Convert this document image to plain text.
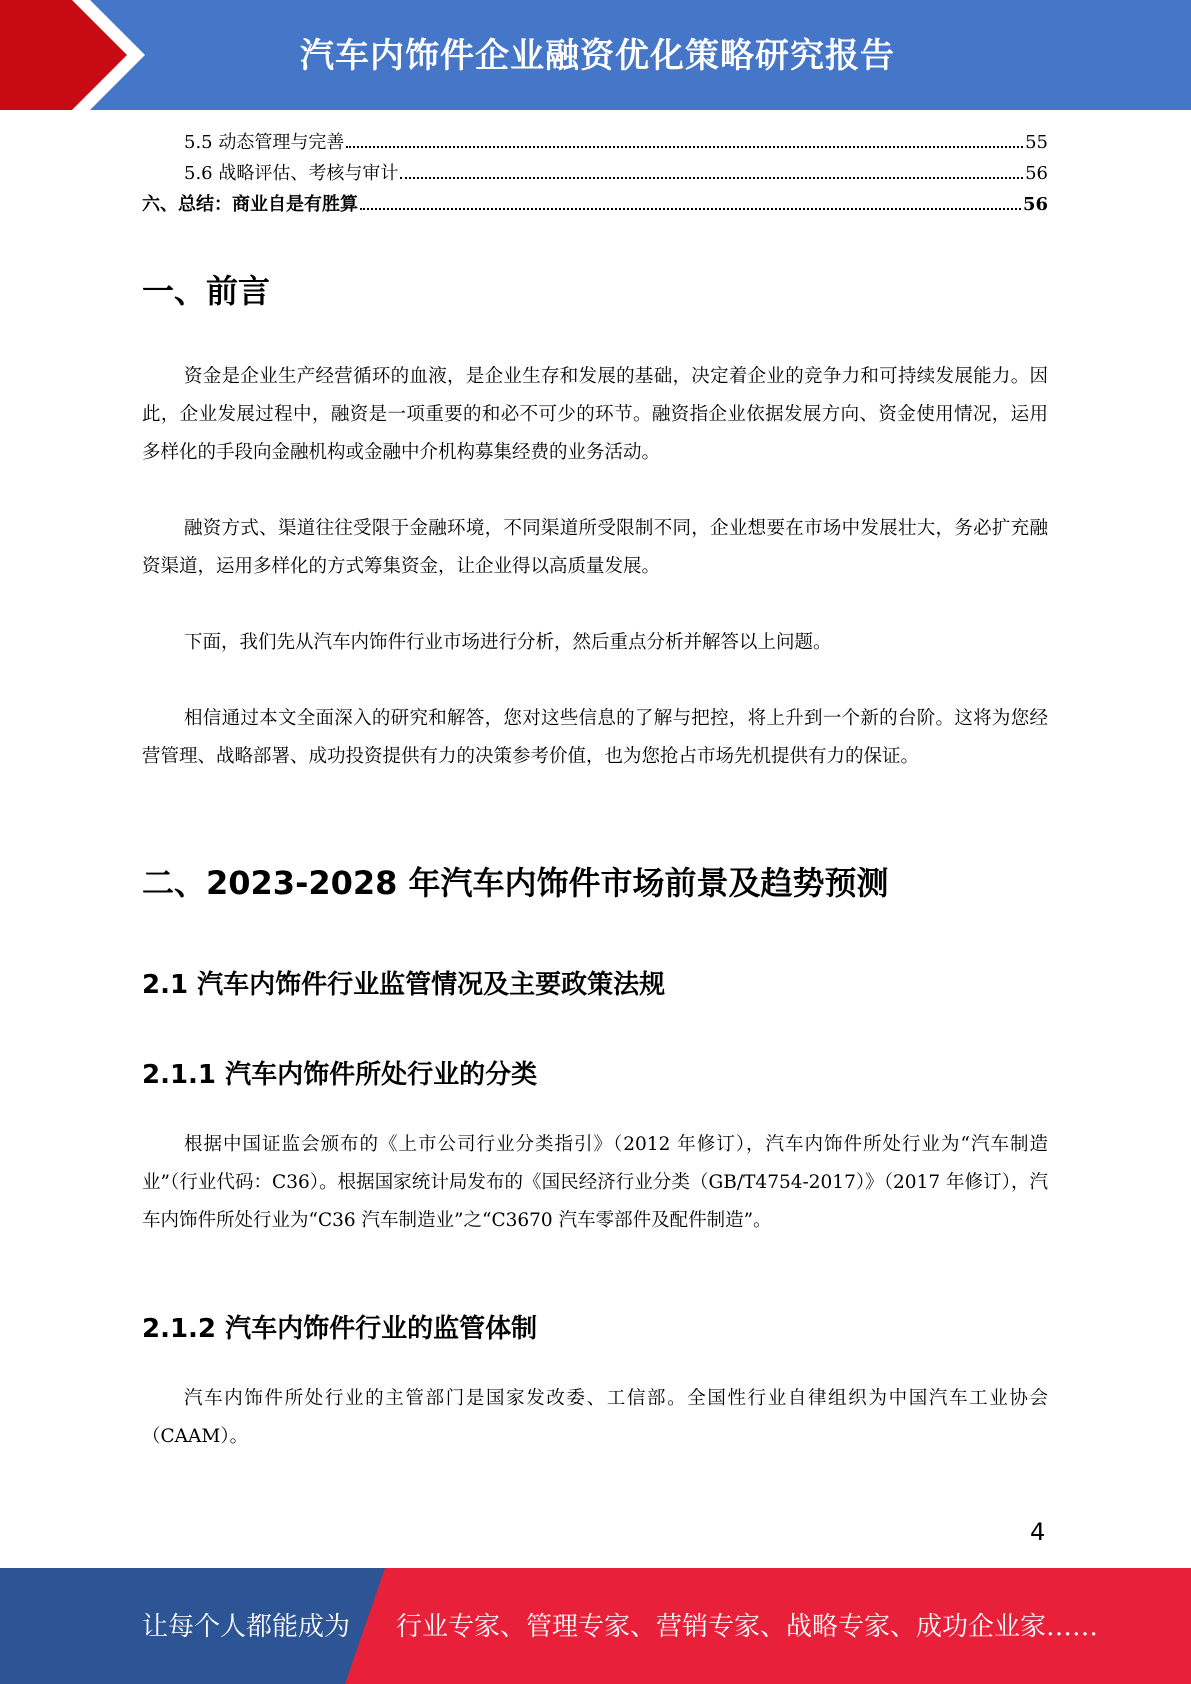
汽车内饰件企业融资优化策略研究报告
5.5 动态管理与完善	55
5.6 战略评估、考核与审计	56
六、总结：商业自是有胜算	56
一、前言

资金是企业生产经营循环的血液，是企业生存和发展的基础，决定着企业的竞争力和可持续发展能力。因此，企业发展过程中，融资是一项重要的和必不可少的环节。融资指企业依据发展方向、资金使用情况，运用多样化的手段向金融机构或金融中介机构募集经费的业务活动。

融资方式、渠道往往受限于金融环境，不同渠道所受限制不同，企业想要在市场中发展壮大，务必扩充融资渠道，运用多样化的方式筹集资金，让企业得以高质量发展。

下面，我们先从汽车内饰件行业市场进行分析，然后重点分析并解答以上问题。

相信通过本文全面深入的研究和解答，您对这些信息的了解与把控，将上升到一个新的台阶。这将为您经营管理、战略部署、成功投资提供有力的决策参考价值，也为您抢占市场先机提供有力的保证。

二、2023-2028 年汽车内饰件市场前景及趋势预测
2.1 汽车内饰件行业监管情况及主要政策法规
2.1.1 汽车内饰件所处行业的分类

根据中国证监会颁布的《上市公司行业分类指引》（2012 年修订），汽车内饰件所处行业为“汽车制造业”（行业代码：C36）。根据国家统计局发布的《国民经济行业分类（GB/T4754-2017）》（2017 年修订），汽车内饰件所处行业为“C36 汽车制造业”之“C3670 汽车零部件及配件制造”。

2.1.2 汽车内饰件行业的监管体制

汽车内饰件所处行业的主管部门是国家发改委、工信部。全国性行业自律组织为中国汽车工业协会（CAAM）。

4
让每个人都能成为 行业专家、管理专家、营销专家、战略专家、成功企业家……
